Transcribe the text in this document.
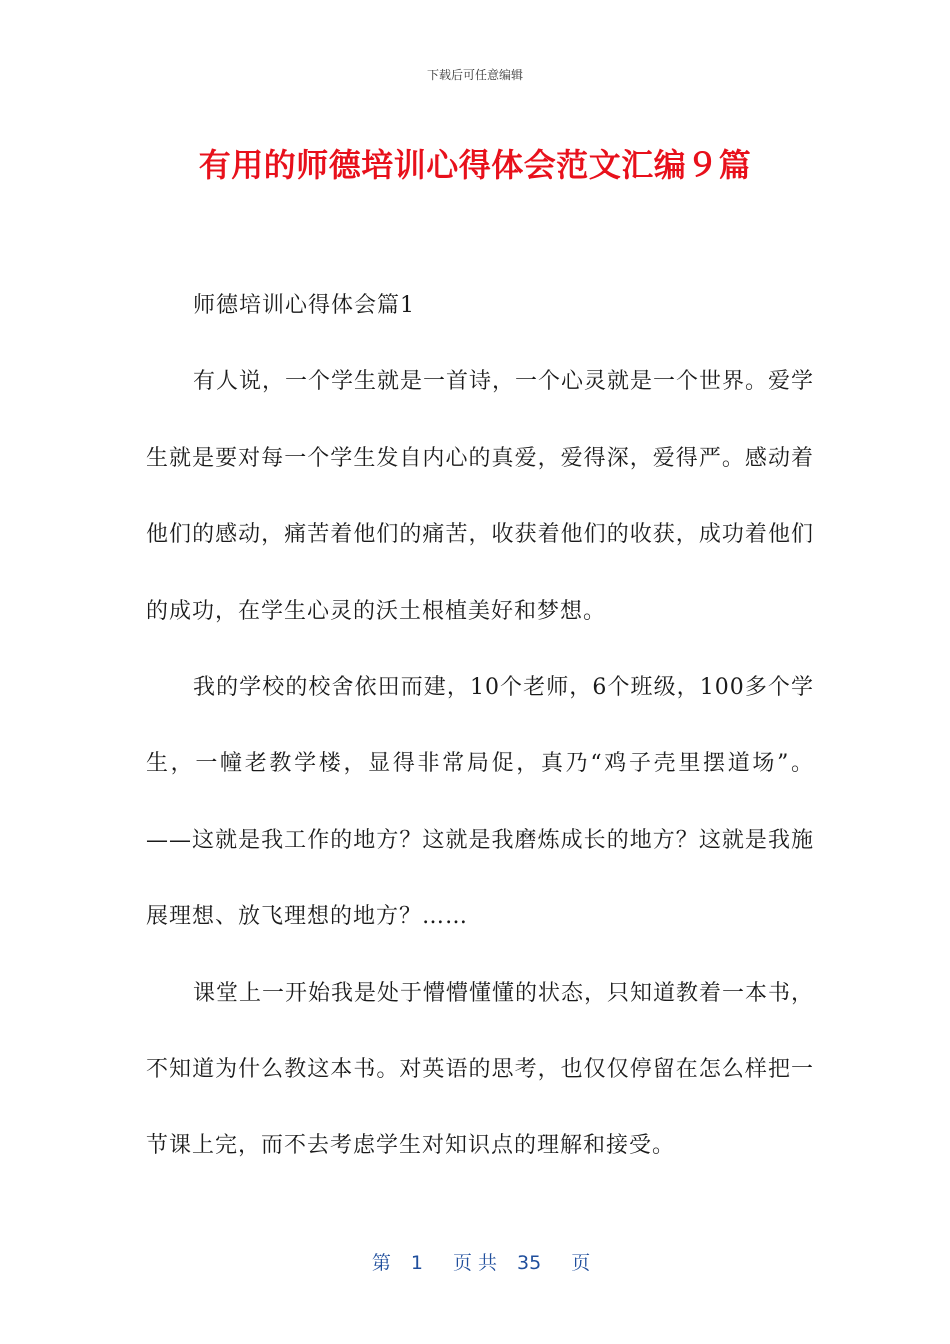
下载后可任意编辑
有用的师德培训心得体会范文汇编９篇

师德培训心得体会篇1

有人说，一个学生就是一首诗，一个心灵就是一个世界。爱学生就是要对每一个学生发自内心的真爱，爱得深，爱得严。感动着他们的感动，痛苦着他们的痛苦，收获着他们的收获，成功着他们的成功，在学生心灵的沃土根植美好和梦想。

我的学校的校舍依田而建，10个老师，6个班级，100多个学生，一幢老教学楼，显得非常局促，真乃“鸡子壳里摆道场”。——这就是我工作的地方？这就是我磨炼成长的地方？这就是我施展理想、放飞理想的地方？……

课堂上一开始我是处于懵懵懂懂的状态，只知道教着一本书，不知道为什么教这本书。对英语的思考，也仅仅停留在怎么样把一节课上完，而不去考虑学生对知识点的理解和接受。

第 1 页 共 35 页
